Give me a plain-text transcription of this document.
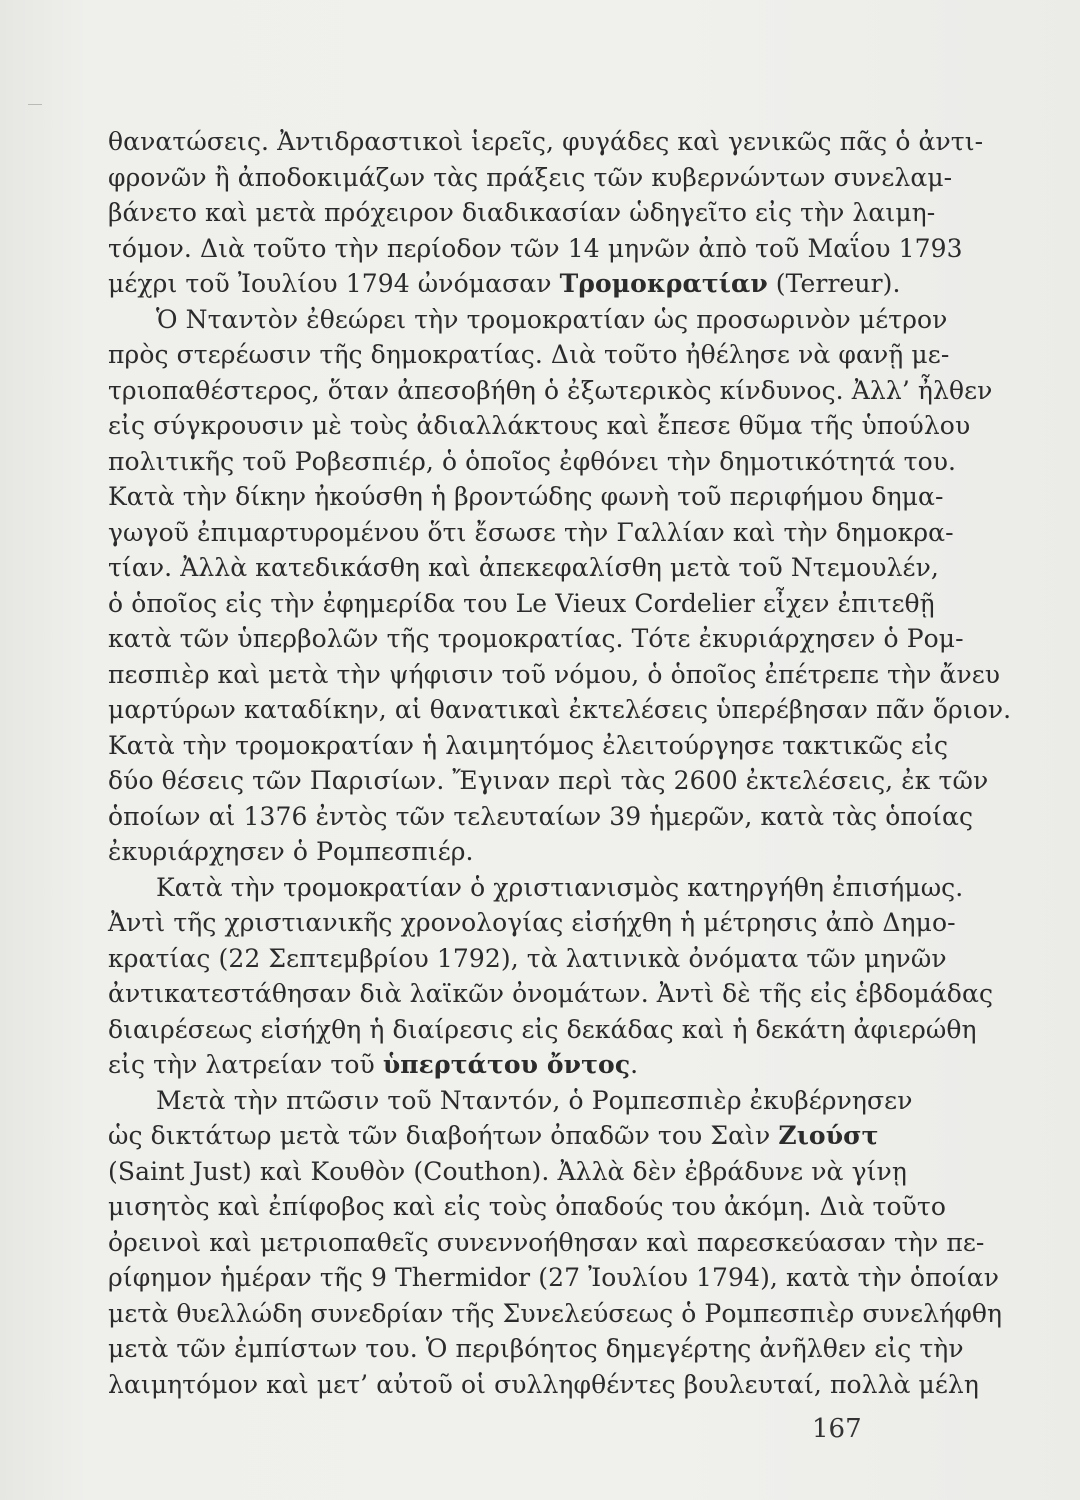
θανατώσεις. Ἀντιδραστικοὶ ἱερεῖς, φυγάδες καὶ γενικῶς πᾶς ὁ ἀντι-
φρονῶν ἢ ἀποδοκιμάζων τὰς πράξεις τῶν κυβερνώντων συνελαμ-
βάνετο καὶ μετὰ πρόχειρον διαδικασίαν ὡδηγεῖτο εἰς τὴν λαιμη-
τόμον. Διὰ τοῦτο τὴν περίοδον τῶν 14 μηνῶν ἀπὸ τοῦ Μαΐου 1793
μέχρι τοῦ Ἰουλίου 1794 ὠνόμασαν Τρομοκρατίαν (Terreur).
Ὁ Νταντὸν ἐθεώρει τὴν τρομοκρατίαν ὡς προσωρινὸν μέτρον
πρὸς στερέωσιν τῆς δημοκρατίας. Διὰ τοῦτο ἠθέλησε νὰ φανῇ με-
τριοπαθέστερος, ὅταν ἀπεσοβήθη ὁ ἐξωτερικὸς κίνδυνος. Ἀλλ’ ἦλθεν
εἰς σύγκρουσιν μὲ τοὺς ἀδιαλλάκτους καὶ ἔπεσε θῦμα τῆς ὑπούλου
πολιτικῆς τοῦ Ροβεσπιέρ, ὁ ὁποῖος ἐφθόνει τὴν δημοτικότητά του.
Κατὰ τὴν δίκην ἠκούσθη ἡ βροντώδης φωνὴ τοῦ περιφήμου δημα-
γωγοῦ ἐπιμαρτυρομένου ὅτι ἔσωσε τὴν Γαλλίαν καὶ τὴν δημοκρα-
τίαν. Ἀλλὰ κατεδικάσθη καὶ ἀπεκεφαλίσθη μετὰ τοῦ Ντεμουλέν,
ὁ ὁποῖος εἰς τὴν ἐφημερίδα του Le Vieux Cordelier εἶχεν ἐπιτεθῇ
κατὰ τῶν ὑπερβολῶν τῆς τρομοκρατίας. Τότε ἐκυριάρχησεν ὁ Ρομ-
πεσπιὲρ καὶ μετὰ τὴν ψήφισιν τοῦ νόμου, ὁ ὁποῖος ἐπέτρεπε τὴν ἄνευ
μαρτύρων καταδίκην, αἱ θανατικαὶ ἐκτελέσεις ὑπερέβησαν πᾶν ὅριον.
Κατὰ τὴν τρομοκρατίαν ἡ λαιμητόμος ἐλειτούργησε τακτικῶς εἰς
δύο θέσεις τῶν Παρισίων. Ἔγιναν περὶ τὰς 2600 ἐκτελέσεις, ἐκ τῶν
ὁποίων αἱ 1376 ἐντὸς τῶν τελευταίων 39 ἡμερῶν, κατὰ τὰς ὁποίας
ἐκυριάρχησεν ὁ Ρομπεσπιέρ.
Κατὰ τὴν τρομοκρατίαν ὁ χριστιανισμὸς κατηργήθη ἐπισήμως.
Ἀντὶ τῆς χριστιανικῆς χρονολογίας εἰσήχθη ἡ μέτρησις ἀπὸ Δημο-
κρατίας (22 Σεπτεμβρίου 1792), τὰ λατινικὰ ὀνόματα τῶν μηνῶν
ἀντικατεστάθησαν διὰ λαϊκῶν ὀνομάτων. Ἀντὶ δὲ τῆς εἰς ἑβδομάδας
διαιρέσεως εἰσήχθη ἡ διαίρεσις εἰς δεκάδας καὶ ἡ δεκάτη ἀφιερώθη
εἰς τὴν λατρείαν τοῦ ὑπερτάτου ὄντος.
Μετὰ τὴν πτῶσιν τοῦ Νταντόν, ὁ Ρομπεσπιὲρ ἐκυβέρνησεν
ὡς δικτάτωρ μετὰ τῶν διαβοήτων ὀπαδῶν του Σαὶν Ζιούστ
(Saint Just) καὶ Κουθὸν (Couthon). Ἀλλὰ δὲν ἐβράδυνε νὰ γίνῃ
μισητὸς καὶ ἐπίφοβος καὶ εἰς τοὺς ὀπαδούς του ἀκόμη. Διὰ τοῦτο
ὀρεινοὶ καὶ μετριοπαθεῖς συνεννοήθησαν καὶ παρεσκεύασαν τὴν πε-
ρίφημον ἡμέραν τῆς 9 Thermidor (27 Ἰουλίου 1794), κατὰ τὴν ὁποίαν
μετὰ θυελλώδη συνεδρίαν τῆς Συνελεύσεως ὁ Ρομπεσπιὲρ συνελήφθη
μετὰ τῶν ἐμπίστων του. Ὁ περιβόητος δημεγέρτης ἀνῆλθεν εἰς τὴν
λαιμητόμον καὶ μετ’ αὐτοῦ οἱ συλληφθέντες βουλευταί, πολλὰ μέλη
167
